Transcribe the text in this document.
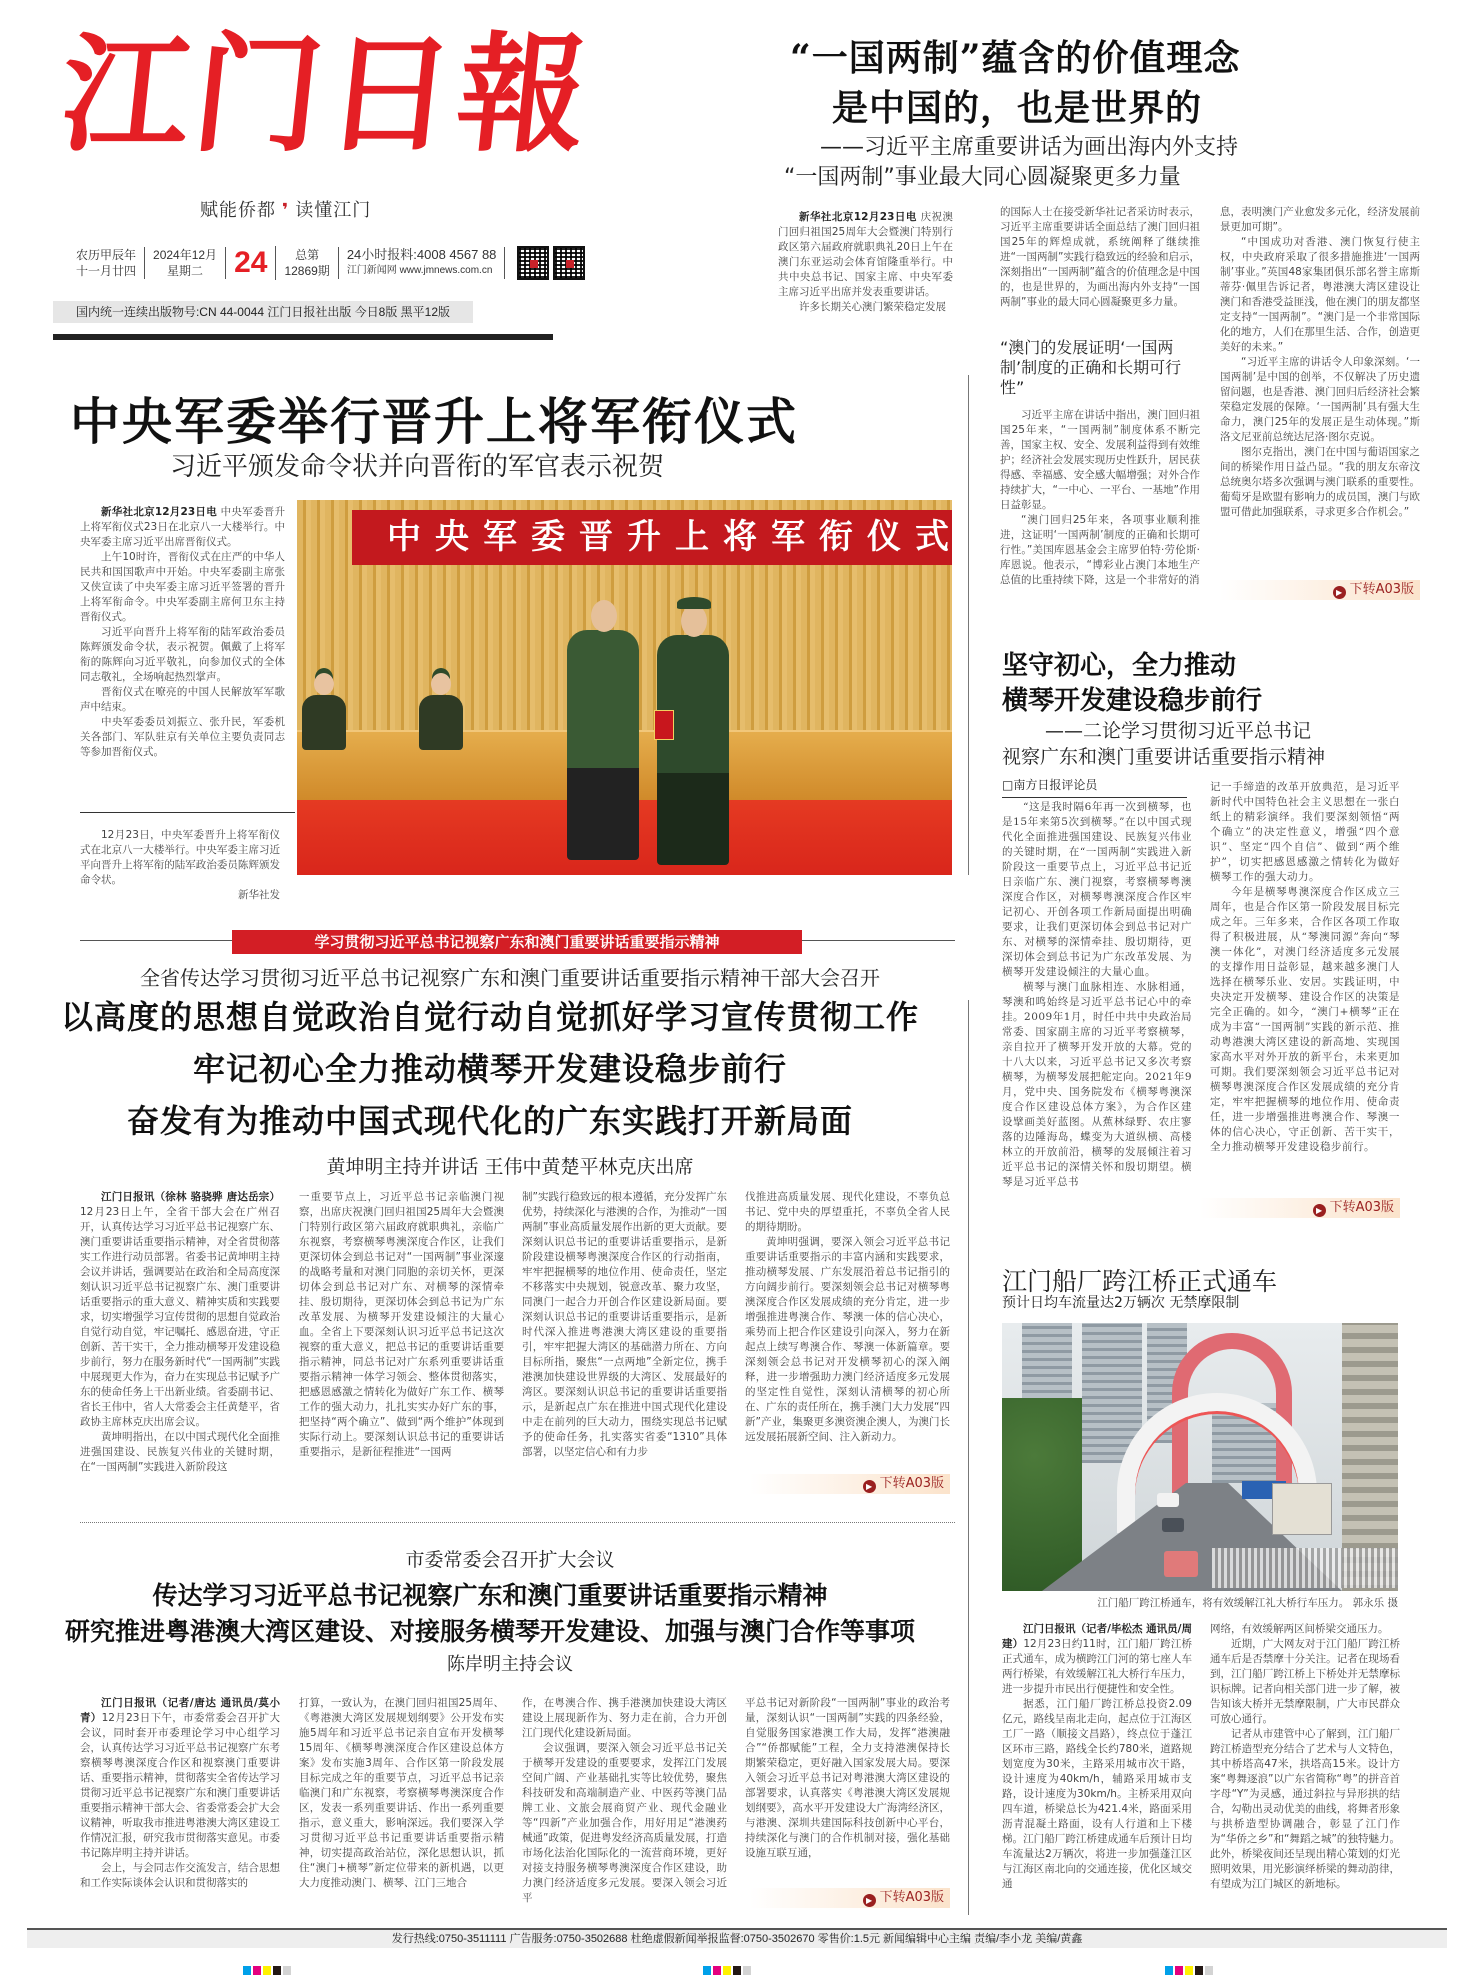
江门日報
赋能侨都 ❜ 读懂江门
农历甲辰年
十一月廿四
2024年12月
星期二	24	总第
12869期
24小时报料:4008 4567 88
江门新闻网 www.jmnews.com.cn
国内统一连续出版物号:CN 44-0044 江门日报社出版 今日8版 黑平12版
“一国两制”蕴含的价值理念
是中国的，也是世界的
——习近平主席重要讲话为画出海内外支持
“一国两制”事业最大同心圆凝聚更多力量

新华社北京12月23日电 庆祝澳门回归祖国25周年大会暨澳门特别行政区第六届政府就职典礼20日上午在澳门东亚运动会体育馆隆重举行。中共中央总书记、国家主席、中央军委主席习近平出席并发表重要讲话。

许多长期关心澳门繁荣稳定发展

的国际人士在接受新华社记者采访时表示，习近平主席重要讲话全面总结了澳门回归祖国25年的辉煌成就，系统阐释了继续推进“一国两制”实践行稳致远的经验和启示，深刻指出“一国两制”蕴含的价值理念是中国的，也是世界的，为画出海内外支持“一国两制”事业的最大同心圆凝聚更多力量。

“澳门的发展证明‘一国两制’制度的正确和长期可行性”

习近平主席在讲话中指出，澳门回归祖国25年来，“一国两制”制度体系不断完善，国家主权、安全、发展利益得到有效维护；经济社会发展实现历史性跃升，居民获得感、幸福感、安全感大幅增强；对外合作持续扩大，“一中心、一平台、一基地”作用日益彰显。

“澳门回归25年来，各项事业顺利推进，这证明‘一国两制’制度的正确和长期可行性。”美国库恩基金会主席罗伯特·劳伦斯·库恩说。他表示，“博彩业占澳门本地生产总值的比重持续下降，这是一个非常好的消

息，表明澳门产业愈发多元化，经济发展前景更加可期”。

“中国成功对香港、澳门恢复行使主权，中央政府采取了很多措施推进‘一国两制’事业。”英国48家集团俱乐部名誉主席斯蒂芬·佩里告诉记者，粤港澳大湾区建设让澳门和香港受益匪浅，他在澳门的朋友都坚定支持“一国两制”。“澳门是一个非常国际化的地方，人们在那里生活、合作，创造更美好的未来。”

“习近平主席的讲话令人印象深刻。‘一国两制’是中国的创举，不仅解决了历史遗留问题，也是香港、澳门回归后经济社会繁荣稳定发展的保障。‘一国两制’具有强大生命力，澳门25年的发展正是生动体现。”斯洛文尼亚前总统达尼洛·图尔克说。

图尔克指出，澳门在中国与葡语国家之间的桥梁作用日益凸显。“我的朋友东帝汶总统奥尔塔多次强调与澳门联系的重要性。葡萄牙是欧盟有影响力的成员国，澳门与欧盟可借此加强联系，寻求更多合作机会。”

▶ 下转A03版
中央军委举行晋升上将军衔仪式
习近平颁发命令状并向晋衔的军官表示祝贺

新华社北京12月23日电 中央军委晋升上将军衔仪式23日在北京八一大楼举行。中央军委主席习近平出席晋衔仪式。

上午10时许，晋衔仪式在庄严的中华人民共和国国歌声中开始。中央军委副主席张又侠宣读了中央军委主席习近平签署的晋升上将军衔命令。中央军委副主席何卫东主持晋衔仪式。

习近平向晋升上将军衔的陆军政治委员陈辉颁发命令状，表示祝贺。佩戴了上将军衔的陈辉向习近平敬礼，向参加仪式的全体同志敬礼，全场响起热烈掌声。

晋衔仪式在嘹亮的中国人民解放军军歌声中结束。

中央军委委员刘振立、张升民，军委机关各部门、军队驻京有关单位主要负责同志等参加晋衔仪式。

12月23日，中央军委晋升上将军衔仪式在北京八一大楼举行。中央军委主席习近平向晋升上将军衔的陆军政治委员陈辉颁发命令状。

新华社发
中央军委晋升上将军衔仪式
学习贯彻习近平总书记视察广东和澳门重要讲话重要指示精神
全省传达学习贯彻习近平总书记视察广东和澳门重要讲话重要指示精神干部大会召开
以高度的思想自觉政治自觉行动自觉抓好学习宣传贯彻工作
牢记初心全力推动横琴开发建设稳步前行
奋发有为推动中国式现代化的广东实践打开新局面
黄坤明主持并讲话 王伟中黄楚平林克庆出席

江门日报讯（徐林 骆骁骅 唐达岳宗）12月23日上午，全省干部大会在广州召开，认真传达学习习近平总书记视察广东、澳门重要讲话重要指示精神，对全省贯彻落实工作进行动员部署。省委书记黄坤明主持会议并讲话，强调要站在政治和全局高度深刻认识习近平总书记视察广东、澳门重要讲话重要指示的重大意义、精神实质和实践要求，切实增强学习宣传贯彻的思想自觉政治自觉行动自觉，牢记嘱托、感恩奋进，守正创新、苦干实干，全力推动横琴开发建设稳步前行，努力在服务新时代“一国两制”实践中展现更大作为，奋力在实现总书记赋予广东的使命任务上干出新业绩。省委副书记、省长王伟中，省人大常委会主任黄楚平，省政协主席林克庆出席会议。

黄坤明指出，在以中国式现代化全面推进强国建设、民族复兴伟业的关键时期，在“一国两制”实践进入新阶段这

一重要节点上，习近平总书记亲临澳门视察，出席庆祝澳门回归祖国25周年大会暨澳门特别行政区第六届政府就职典礼，亲临广东视察，考察横琴粤澳深度合作区，让我们更深切体会到总书记对“一国两制”事业深邃的战略考量和对澳门同胞的亲切关怀，更深切体会到总书记对广东、对横琴的深情牵挂、殷切期待，更深切体会到总书记为广东改革发展、为横琴开发建设倾注的大量心血。全省上下要深刻认识习近平总书记这次视察的重大意义，把总书记的重要讲话重要指示精神，同总书记对广东系列重要讲话重要指示精神一体学习领会、整体贯彻落实，把感恩感激之情转化为做好广东工作、横琴工作的强大动力，扎扎实实办好广东的事，把坚持“两个确立”、做到“两个维护”体现到实际行动上。要深刻认识总书记的重要讲话重要指示，是新征程推进“一国两

制”实践行稳致远的根本遵循，充分发挥广东优势，持续深化与港澳的合作，为推动“一国两制”事业高质量发展作出新的更大贡献。要深刻认识总书记的重要讲话重要指示，是新阶段建设横琴粤澳深度合作区的行动指南，牢牢把握横琴的地位作用、使命责任，坚定不移落实中央规划，锐意改革、聚力攻坚，同澳门一起合力开创合作区建设新局面。要深刻认识总书记的重要讲话重要指示，是新时代深入推进粤港澳大湾区建设的重要指引，牢牢把握大湾区的基础潜力所在、方向目标所指，聚焦“一点两地”全新定位，携手港澳加快建设世界级的大湾区、发展最好的湾区。要深刻认识总书记的重要讲话重要指示，是新起点广东在推进中国式现代化建设中走在前列的巨大动力，围绕实现总书记赋予的使命任务，扎实落实省委“1310”具体部署，以坚定信心和有力步

伐推进高质量发展、现代化建设，不辜负总书记、党中央的厚望重托，不辜负全省人民的期待期盼。

黄坤明强调，要深入领会习近平总书记重要讲话重要指示的丰富内涵和实践要求，推动横琴发展、广东发展沿着总书记指引的方向阔步前行。要深刻领会总书记对横琴粤澳深度合作区发展成绩的充分肯定，进一步增强推进粤澳合作、琴澳一体的信心决心，乘势而上把合作区建设引向深入，努力在新起点上续写粤澳合作、琴澳一体新篇章。要深刻领会总书记对开发横琴初心的深入阐释，进一步增强助力澳门经济适度多元发展的坚定性自觉性，深刻认清横琴的初心所在、广东的责任所在，携手澳门大力发展“四新”产业，集聚更多澳资澳企澳人，为澳门长远发展拓展新空间、注入新动力。

▶ 下转A03版
市委常委会召开扩大会议
传达学习习近平总书记视察广东和澳门重要讲话重要指示精神
研究推进粤港澳大湾区建设、对接服务横琴开发建设、加强与澳门合作等事项
陈岸明主持会议

江门日报讯（记者/唐达 通讯员/莫小青）12月23日下午，市委常委会召开扩大会议，同时套开市委理论学习中心组学习会，认真传达学习习近平总书记视察广东考察横琴粤澳深度合作区和视察澳门重要讲话、重要指示精神，贯彻落实全省传达学习贯彻习近平总书记视察广东和澳门重要讲话重要指示精神干部大会、省委常委会扩大会议精神，听取我市推进粤港澳大湾区建设工作情况汇报，研究我市贯彻落实意见。市委书记陈岸明主持并讲话。

会上，与会同志作交流发言，结合思想和工作实际谈体会认识和贯彻落实的

打算，一致认为，在澳门回归祖国25周年、《粤港澳大湾区发展规划纲要》公开发布实施5周年和习近平总书记亲自宣布开发横琴15周年、《横琴粤澳深度合作区建设总体方案》发布实施3周年、合作区第一阶段发展目标完成之年的重要节点，习近平总书记亲临澳门和广东视察，考察横琴粤澳深度合作区，发表一系列重要讲话、作出一系列重要指示，意义重大，影响深远。我们要深入学习贯彻习近平总书记重要讲话重要指示精神，切实提高政治站位，深化思想认识，抓住“澳门+横琴”新定位带来的新机遇，以更大力度推动澳门、横琴、江门三地合

作，在粤澳合作、携手港澳加快建设大湾区建设上展现新作为、努力走在前，合力开创江门现代化建设新局面。

会议强调，要深入领会习近平总书记关于横琴开发建设的重要要求，发挥江门发展空间广阔、产业基础扎实等比较优势，聚焦科技研发和高端制造产业、中医药等澳门品牌工业、文旅会展商贸产业、现代金融业等“四新”产业加强合作，用好用足“港澳药械通”政策，促进粤发经济高质量发展，打造市场化法治化国际化的一流营商环境，更好对接支持服务横琴粤澳深度合作区建设，助力澳门经济适度多元发展。要深入领会习近平

平总书记对新阶段“一国两制”事业的政治考量，深刻认识“一国两制”实践的四条经验，自觉服务国家港澳工作大局，发挥“港澳融合”“侨都赋能”工程，全力支持港澳保持长期繁荣稳定，更好融入国家发展大局。要深入领会习近平总书记对粤港澳大湾区建设的部署要求，认真落实《粤港澳大湾区发展规划纲要》，高水平开发建设大广海湾经济区，与港澳、深圳共建国际科技创新中心平台，持续深化与澳门的合作机制对接，强化基础设施互联互通，

▶ 下转A03版
坚守初心，全力推动
横琴开发建设稳步前行
——二论学习贯彻习近平总书记
视察广东和澳门重要讲话重要指示精神
□南方日报评论员

“这是我时隔6年再一次到横琴，也是15年来第5次到横琴。”在以中国式现代化全面推进强国建设、民族复兴伟业的关键时期，在“一国两制”实践进入新阶段这一重要节点上，习近平总书记近日亲临广东、澳门视察，考察横琴粤澳深度合作区，对横琴粤澳深度合作区牢记初心、开创各项工作新局面提出明确要求，让我们更深切体会到总书记对广东、对横琴的深情牵挂、殷切期待，更深切体会到总书记为广东改革发展、为横琴开发建设倾注的大量心血。

横琴与澳门血脉相连、水脉相通，琴澳和鸣始终是习近平总书记心中的牵挂。2009年1月，时任中共中央政治局常委、国家副主席的习近平考察横琴，亲自拉开了横琴开发开放的大幕。党的十八大以来，习近平总书记又多次考察横琴，为横琴发展把舵定向。2021年9月，党中央、国务院发布《横琴粤澳深度合作区建设总体方案》，为合作区建设擘画美好蓝图。从蕉林绿野、农庄寥落的边陲海岛，蝶变为大道纵横、高楼林立的开放前沿，横琴的发展倾注着习近平总书记的深情关怀和殷切期望。横琴是习近平总书

记一手缔造的改革开放典范，是习近平新时代中国特色社会主义思想在一张白纸上的精彩演绎。我们要深刻领悟“两个确立”的决定性意义，增强“四个意识”、坚定“四个自信”、做到“两个维护”，切实把感恩感激之情转化为做好横琴工作的强大动力。

今年是横琴粤澳深度合作区成立三周年，也是合作区第一阶段发展目标完成之年。三年多来，合作区各项工作取得了积极进展，从“琴澳同源”奔向“琴澳一体化”，对澳门经济适度多元发展的支撑作用日益彰显，越来越多澳门人选择在横琴乐业、安居。实践证明，中央决定开发横琴、建设合作区的决策是完全正确的。如今，“澳门+横琴”正在成为丰富“一国两制”实践的新示范、推动粤港澳大湾区建设的新高地、实现国家高水平对外开放的新平台，未来更加可期。我们要深刻领会习近平总书记对横琴粤澳深度合作区发展成绩的充分肯定，牢牢把握横琴的地位作用、使命责任，进一步增强推进粤澳合作、琴澳一体的信心决心，守正创新、苦干实干，全力推动横琴开发建设稳步前行。

▶ 下转A03版
江门船厂跨江桥正式通车
预计日均车流量达2万辆次 无禁摩限制
江门船厂跨江桥通车，将有效缓解江礼大桥行车压力。 郭永乐 摄

江门日报讯（记者/毕松杰 通讯员/周建）12月23日约11时，江门船厂跨江桥正式通车，成为横跨江门河的第七座人车两行桥梁，有效缓解江礼大桥行车压力，进一步提升市民出行便捷性和安全性。

据悉，江门船厂跨江桥总投资2.09亿元，路线呈南北走向，起点位于江海区工厂一路（顺接文昌路），终点位于蓬江区环市三路，路线全长约780米，道路规划宽度为30米，主路采用城市次干路，设计速度为40km/h，辅路采用城市支路，设计速度为30km/h。主桥采用双向四车道，桥梁总长为421.4米，路面采用沥青混凝土路面，设有人行道和上下楼梯。江门船厂跨江桥建成通车后预计日均车流量达2万辆次，将进一步加强蓬江区与江海区南北向的交通连接，优化区域交通

网络，有效缓解两区间桥梁交通压力。

近期，广大网友对于江门船厂跨江桥通车后是否禁摩十分关注。记者在现场看到，江门船厂跨江桥上下桥处并无禁摩标识标牌。记者向相关部门进一步了解，被告知该大桥并无禁摩限制，广大市民群众可放心通行。

记者从市建管中心了解到，江门船厂跨江桥造型充分结合了艺术与人文特色，其中桥塔高47米，拱塔高15米。设计方案“粤舞逐浪”以广东省简称“粤”的拼音首字母“Y”为灵感，通过斜拉与异形拱的结合，勾勒出灵动优美的曲线，将舞者形象与拱桥造型协调融合，彰显了江门作为“华侨之乡”和“舞蹈之城”的独特魅力。此外，桥梁夜间还呈现出精心策划的灯光照明效果，用光影演绎桥梁的舞动韵律，有望成为江门城区的新地标。

发行热线:0750-3511111 广告服务:0750-3502688 杜绝虚假新闻举报监督:0750-3502670 零售价:1.5元 新闻编辑中心主编 责编/李小龙 美编/黄鑫
